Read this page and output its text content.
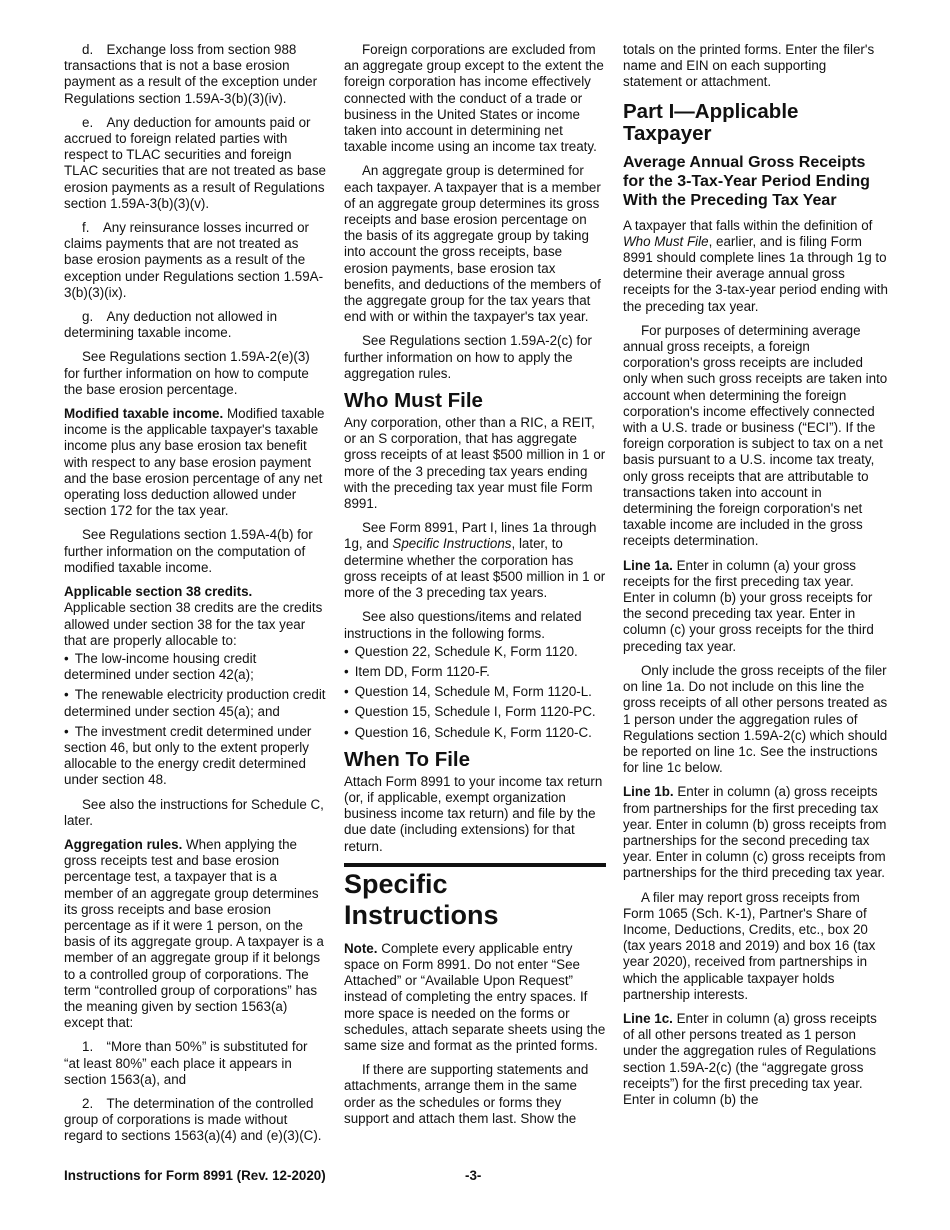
d. Exchange loss from section 988 transactions that is not a base erosion payment as a result of the exception under Regulations section 1.59A-3(b)(3)(iv).

e. Any deduction for amounts paid or accrued to foreign related parties with respect to TLAC securities and foreign TLAC securities that are not treated as base erosion payments as a result of Regulations section 1.59A-3(b)(3)(v).

f. Any reinsurance losses incurred or claims payments that are not treated as base erosion payments as a result of the exception under Regulations section 1.59A-3(b)(3)(ix).

g. Any deduction not allowed in determining taxable income.

See Regulations section 1.59A-2(e)(3) for further information on how to compute the base erosion percentage.

Modified taxable income. Modified taxable income is the applicable taxpayer's taxable income plus any base erosion tax benefit with respect to any base erosion payment and the base erosion percentage of any net operating loss deduction allowed under section 172 for the tax year.

See Regulations section 1.59A-4(b) for further information on the computation of modified taxable income.

Applicable section 38 credits.
Applicable section 38 credits are the credits allowed under section 38 for the tax year that are properly allocable to:

• The low-income housing credit determined under section 42(a);
• The renewable electricity production credit determined under section 45(a); and
• The investment credit determined under section 46, but only to the extent properly allocable to the energy credit determined under section 48.

See also the instructions for Schedule C, later.

Aggregation rules. When applying the gross receipts test and base erosion percentage test, a taxpayer that is a member of an aggregate group determines its gross receipts and base erosion percentage as if it were 1 person, on the basis of its aggregate group. A taxpayer is a member of an aggregate group if it belongs to a controlled group of corporations. The term “controlled group of corporations” has the meaning given by section 1563(a) except that:

1. “More than 50%” is substituted for “at least 80%” each place it appears in section 1563(a), and

2. The determination of the controlled group of corporations is made without regard to sections 1563(a)(4) and (e)(3)(C).

Foreign corporations are excluded from an aggregate group except to the extent the foreign corporation has income effectively connected with the conduct of a trade or business in the United States or income taken into account in determining net taxable income using an income tax treaty.

An aggregate group is determined for each taxpayer. A taxpayer that is a member of an aggregate group determines its gross receipts and base erosion percentage on the basis of its aggregate group by taking into account the gross receipts, base erosion payments, base erosion tax benefits, and deductions of the members of the aggregate group for the tax years that end with or within the taxpayer's tax year.

See Regulations section 1.59A-2(c) for further information on how to apply the aggregation rules.

Who Must File

Any corporation, other than a RIC, a REIT, or an S corporation, that has aggregate gross receipts of at least $500 million in 1 or more of the 3 preceding tax years ending with the preceding tax year must file Form 8991.

See Form 8991, Part I, lines 1a through 1g, and Specific Instructions, later, to determine whether the corporation has gross receipts of at least $500 million in 1 or more of the 3 preceding tax years.

See also questions/items and related instructions in the following forms.

• Question 22, Schedule K, Form 1120.
• Item DD, Form 1120-F.
• Question 14, Schedule M, Form 1120-L.
• Question 15, Schedule I, Form 1120-PC.
• Question 16, Schedule K, Form 1120-C.
When To File

Attach Form 8991 to your income tax return (or, if applicable, exempt organization business income tax return) and file by the due date (including extensions) for that return.

Specific Instructions

Note. Complete every applicable entry space on Form 8991. Do not enter “See Attached” or “Available Upon Request” instead of completing the entry spaces. If more space is needed on the forms or schedules, attach separate sheets using the same size and format as the printed forms.

If there are supporting statements and attachments, arrange them in the same order as the schedules or forms they support and attach them last. Show the

totals on the printed forms. Enter the filer's name and EIN on each supporting statement or attachment.

Part I—Applicable Taxpayer
Average Annual Gross Receipts for the 3-Tax-Year Period Ending With the Preceding Tax Year

A taxpayer that falls within the definition of Who Must File, earlier, and is filing Form 8991 should complete lines 1a through 1g to determine their average annual gross receipts for the 3-tax-year period ending with the preceding tax year.

For purposes of determining average annual gross receipts, a foreign corporation's gross receipts are included only when such gross receipts are taken into account when determining the foreign corporation's income effectively connected with a U.S. trade or business (“ECI”). If the foreign corporation is subject to tax on a net basis pursuant to a U.S. income tax treaty, only gross receipts that are attributable to transactions taken into account in determining the foreign corporation's net taxable income are included in the gross receipts determination.

Line 1a. Enter in column (a) your gross receipts for the first preceding tax year. Enter in column (b) your gross receipts for the second preceding tax year. Enter in column (c) your gross receipts for the third preceding tax year.

Only include the gross receipts of the filer on line 1a. Do not include on this line the gross receipts of all other persons treated as 1 person under the aggregation rules of Regulations section 1.59A-2(c) which should be reported on line 1c. See the instructions for line 1c below.

Line 1b. Enter in column (a) gross receipts from partnerships for the first preceding tax year. Enter in column (b) gross receipts from partnerships for the second preceding tax year. Enter in column (c) gross receipts from partnerships for the third preceding tax year.

A filer may report gross receipts from Form 1065 (Sch. K-1), Partner's Share of Income, Deductions, Credits, etc., box 20 (tax years 2018 and 2019) and box 16 (tax year 2020), received from partnerships in which the applicable taxpayer holds partnership interests.

Line 1c. Enter in column (a) gross receipts of all other persons treated as 1 person under the aggregation rules of Regulations section 1.59A-2(c) (the “aggregate gross receipts”) for the first preceding tax year. Enter in column (b) the

Instructions for Form 8991 (Rev. 12-2020)	-3-
